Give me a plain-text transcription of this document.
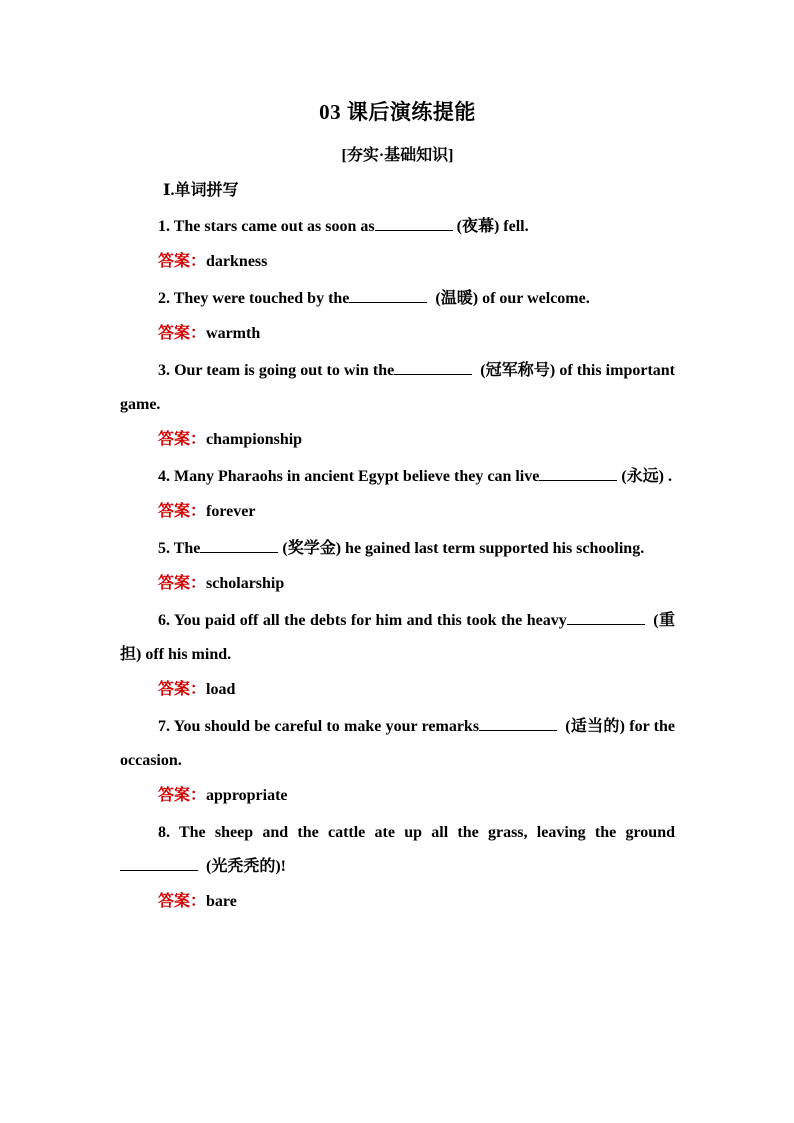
03 课后演练提能
[夯实·基础知识]
Ⅰ.单词拼写

1. The stars came out as soon as	(夜幕) fell.

答案：darkness

2. They were touched by the	(温暖) of our welcome.

答案：warmth

3. Our team is going out to win the	(冠军称号) of this important game.

答案：championship

4. Many Pharaohs in ancient Egypt believe they can live	(永远) .

答案：forever

5. The	(奖学金) he gained last term supported his schooling.

答案：scholarship

6. You paid off all the debts for him and this took the heavy	(重担) off his mind.

答案：load

7. You should be careful to make your remarks	(适当的) for the occasion.

答案：appropriate

8. The sheep and the cattle ate up all the grass, leaving the ground (光秃秃的)!

答案：bare
